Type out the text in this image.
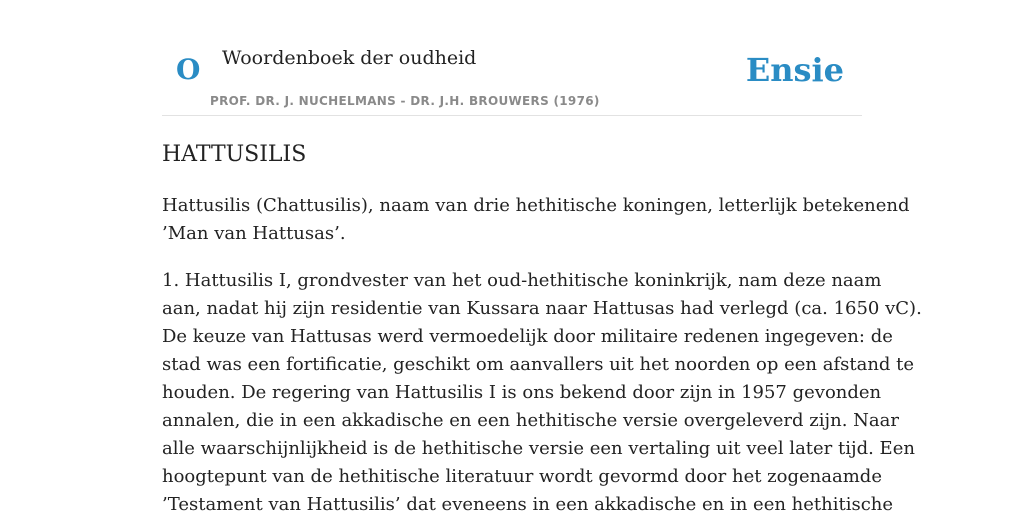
O Woordenboek der oudheid
PROF. DR. J. NUCHELMANS - DR. J.H. BROUWERS (1976)
Ensie
HATTUSILIS

Hattusilis (Chattusilis), naam van drie hethitische koningen, letterlijk betekenend
’Man van Hattusas’.

1. Hattusilis I, grondvester van het oud-hethitische koninkrijk, nam deze naam
aan, nadat hij zijn residentie van Kussara naar Hattusas had verlegd (ca. 1650 vC).
De keuze van Hattusas werd vermoedelijk door militaire redenen ingegeven: de
stad was een fortificatie, geschikt om aanvallers uit het noorden op een afstand te
houden. De regering van Hattusilis I is ons bekend door zijn in 1957 gevonden
annalen, die in een akkadische en een hethitische versie overgeleverd zijn. Naar
alle waarschijnlijkheid is de hethitische versie een vertaling uit veel later tijd. Een
hoogtepunt van de hethitische literatuur wordt gevormd door het zogenaamde
’Testament van Hattusilis’ dat eveneens in een akkadische en in een hethitische
